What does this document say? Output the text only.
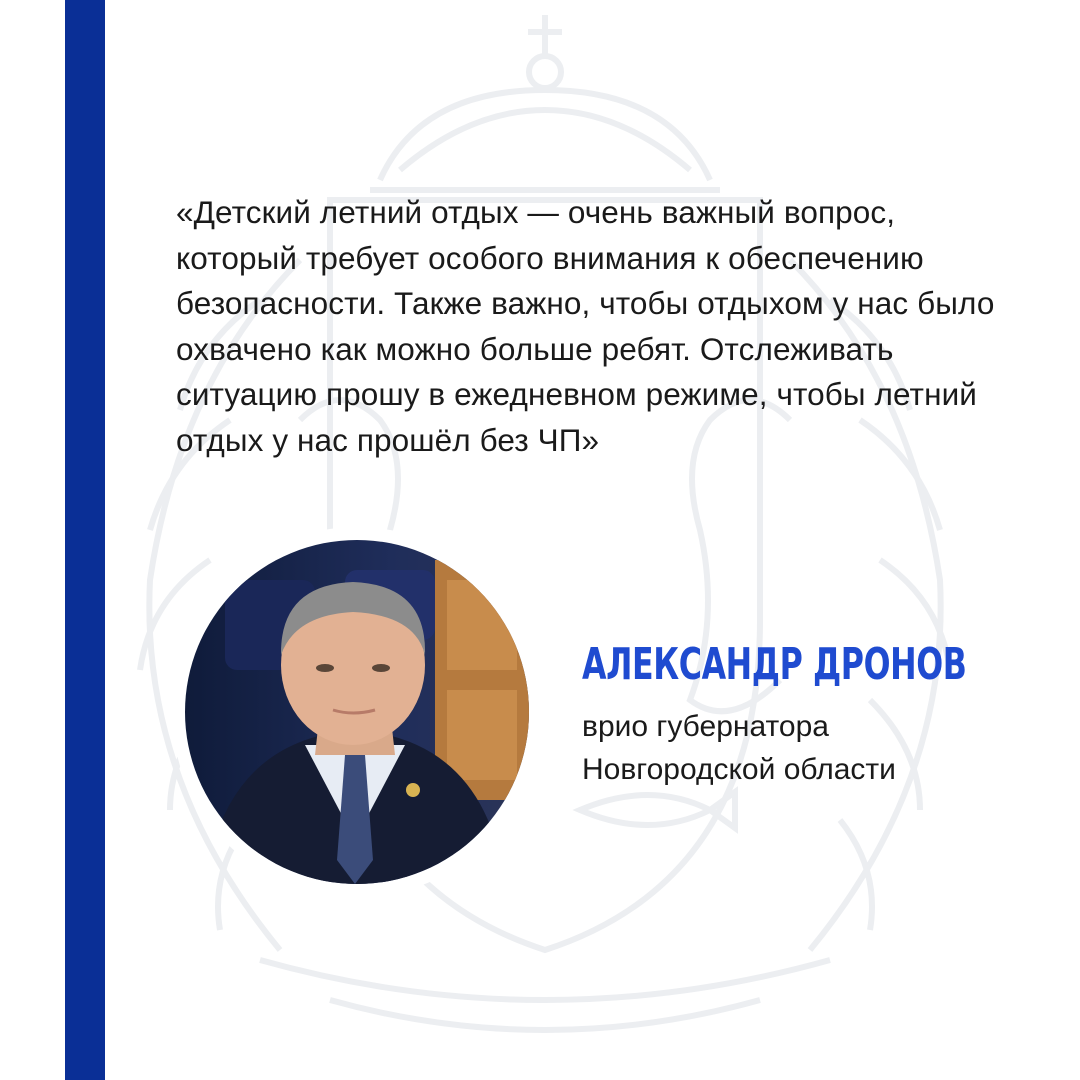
«Детский летний отдых — очень важный вопрос,
который требует особого внимания к обеспечению
безопасности. Также важно, чтобы отдыхом у нас было
охвачено как можно больше ребят. Отслеживать
ситуацию прошу в ежедневном режиме, чтобы летний
отдых у нас прошёл без ЧП»
АЛЕКСАНДР ДРОНОВ
врио губернатора
Новгородской области
